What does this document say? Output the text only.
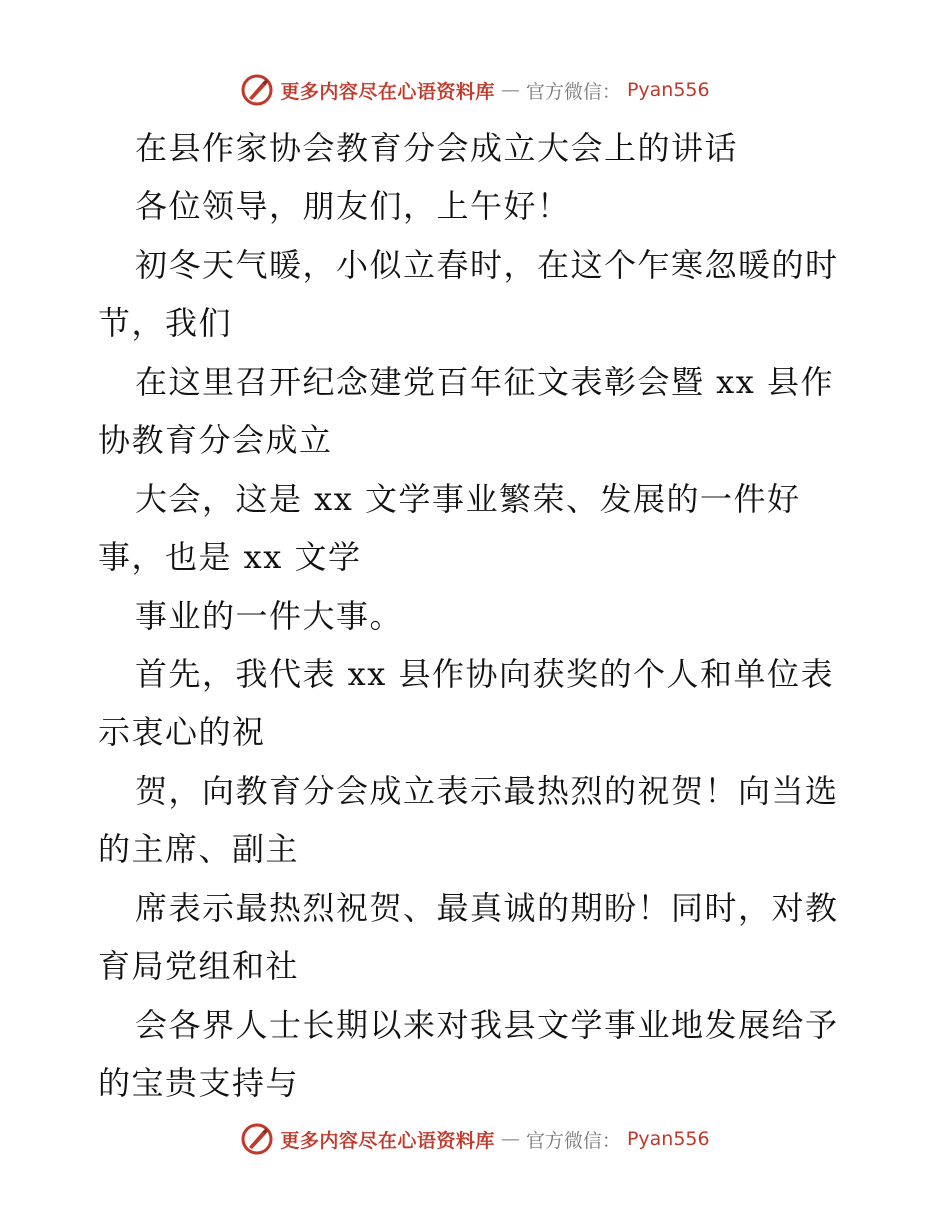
更多内容尽在心语资料库 — 官方微信： Pyan556
在县作家协会教育分会成立大会上的讲话
各位领导，朋友们，上午好！
初冬天气暖，小似立春时，在这个乍寒忽暖的时
节，我们
在这里召开纪念建党百年征文表彰会暨 xx 县作
协教育分会成立
大会，这是 xx 文学事业繁荣、发展的一件好
事，也是 xx 文学
事业的一件大事。
首先，我代表 xx 县作协向获奖的个人和单位表
示衷心的祝
贺，向教育分会成立表示最热烈的祝贺！向当选
的主席、副主
席表示最热烈祝贺、最真诚的期盼！同时，对教
育局党组和社
会各界人士长期以来对我县文学事业地发展给予
的宝贵支持与
更多内容尽在心语资料库 — 官方微信： Pyan556
